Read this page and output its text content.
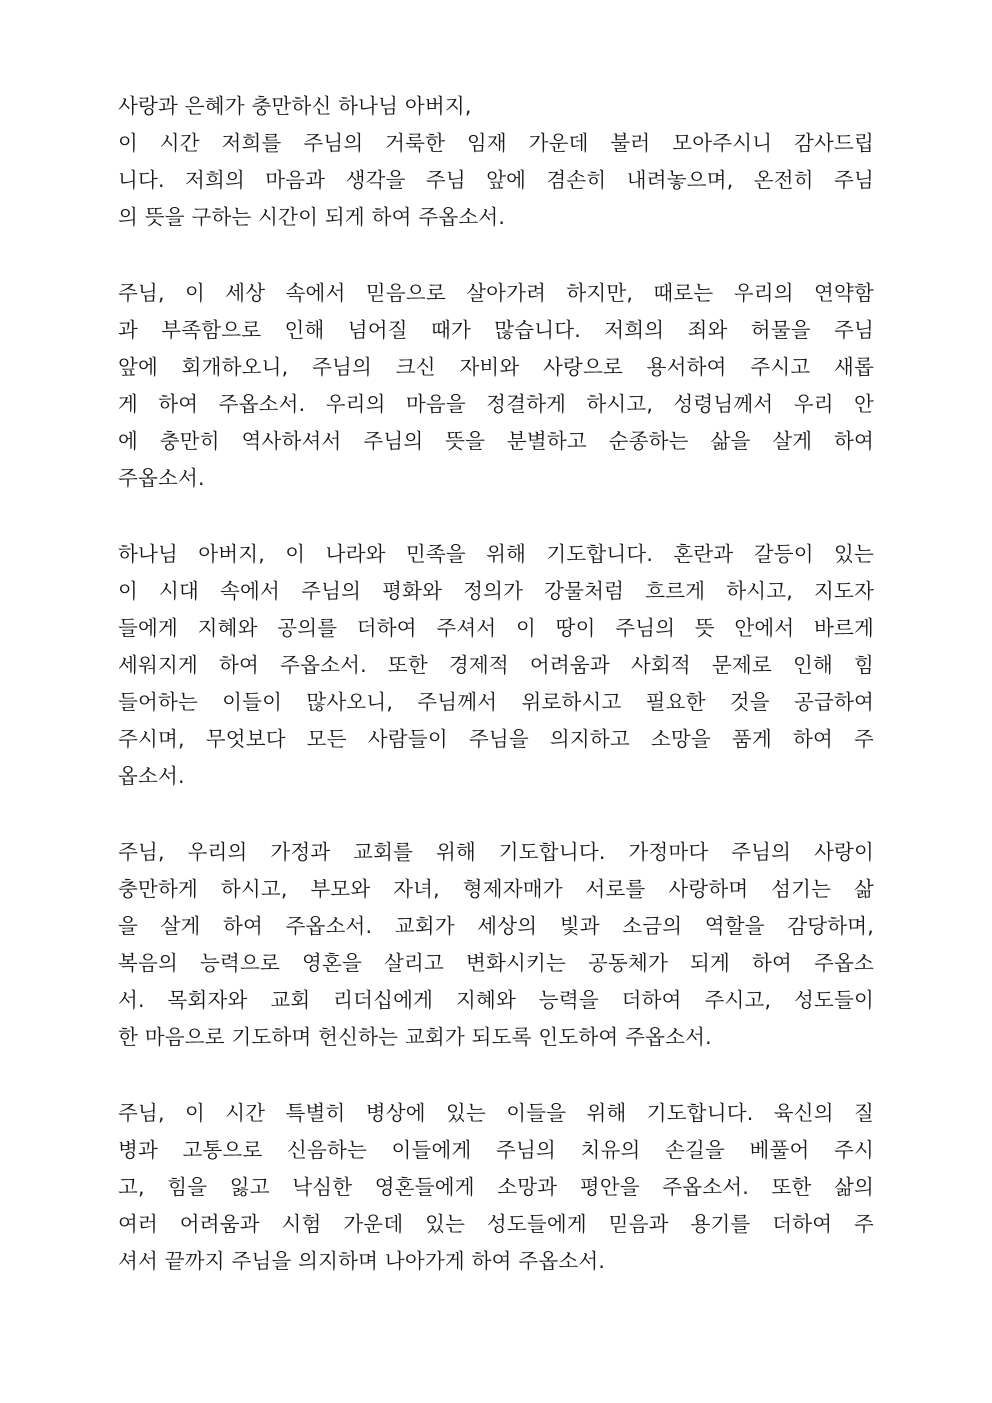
사랑과 은혜가 충만하신 하나님 아버지,
이 시간 저희를 주님의 거룩한 임재 가운데 불러 모아주시니 감사드립
니다. 저희의 마음과 생각을 주님 앞에 겸손히 내려놓으며, 온전히 주님
의 뜻을 구하는 시간이 되게 하여 주옵소서.
주님, 이 세상 속에서 믿음으로 살아가려 하지만, 때로는 우리의 연약함
과 부족함으로 인해 넘어질 때가 많습니다. 저희의 죄와 허물을 주님
앞에 회개하오니, 주님의 크신 자비와 사랑으로 용서하여 주시고 새롭
게 하여 주옵소서. 우리의 마음을 정결하게 하시고, 성령님께서 우리 안
에 충만히 역사하셔서 주님의 뜻을 분별하고 순종하는 삶을 살게 하여
주옵소서.
하나님 아버지, 이 나라와 민족을 위해 기도합니다. 혼란과 갈등이 있는
이 시대 속에서 주님의 평화와 정의가 강물처럼 흐르게 하시고, 지도자
들에게 지혜와 공의를 더하여 주셔서 이 땅이 주님의 뜻 안에서 바르게
세워지게 하여 주옵소서. 또한 경제적 어려움과 사회적 문제로 인해 힘
들어하는 이들이 많사오니, 주님께서 위로하시고 필요한 것을 공급하여
주시며, 무엇보다 모든 사람들이 주님을 의지하고 소망을 품게 하여 주
옵소서.
주님, 우리의 가정과 교회를 위해 기도합니다. 가정마다 주님의 사랑이
충만하게 하시고, 부모와 자녀, 형제자매가 서로를 사랑하며 섬기는 삶
을 살게 하여 주옵소서. 교회가 세상의 빛과 소금의 역할을 감당하며,
복음의 능력으로 영혼을 살리고 변화시키는 공동체가 되게 하여 주옵소
서. 목회자와 교회 리더십에게 지혜와 능력을 더하여 주시고, 성도들이
한 마음으로 기도하며 헌신하는 교회가 되도록 인도하여 주옵소서.
주님, 이 시간 특별히 병상에 있는 이들을 위해 기도합니다. 육신의 질
병과 고통으로 신음하는 이들에게 주님의 치유의 손길을 베풀어 주시
고, 힘을 잃고 낙심한 영혼들에게 소망과 평안을 주옵소서. 또한 삶의
여러 어려움과 시험 가운데 있는 성도들에게 믿음과 용기를 더하여 주
셔서 끝까지 주님을 의지하며 나아가게 하여 주옵소서.
